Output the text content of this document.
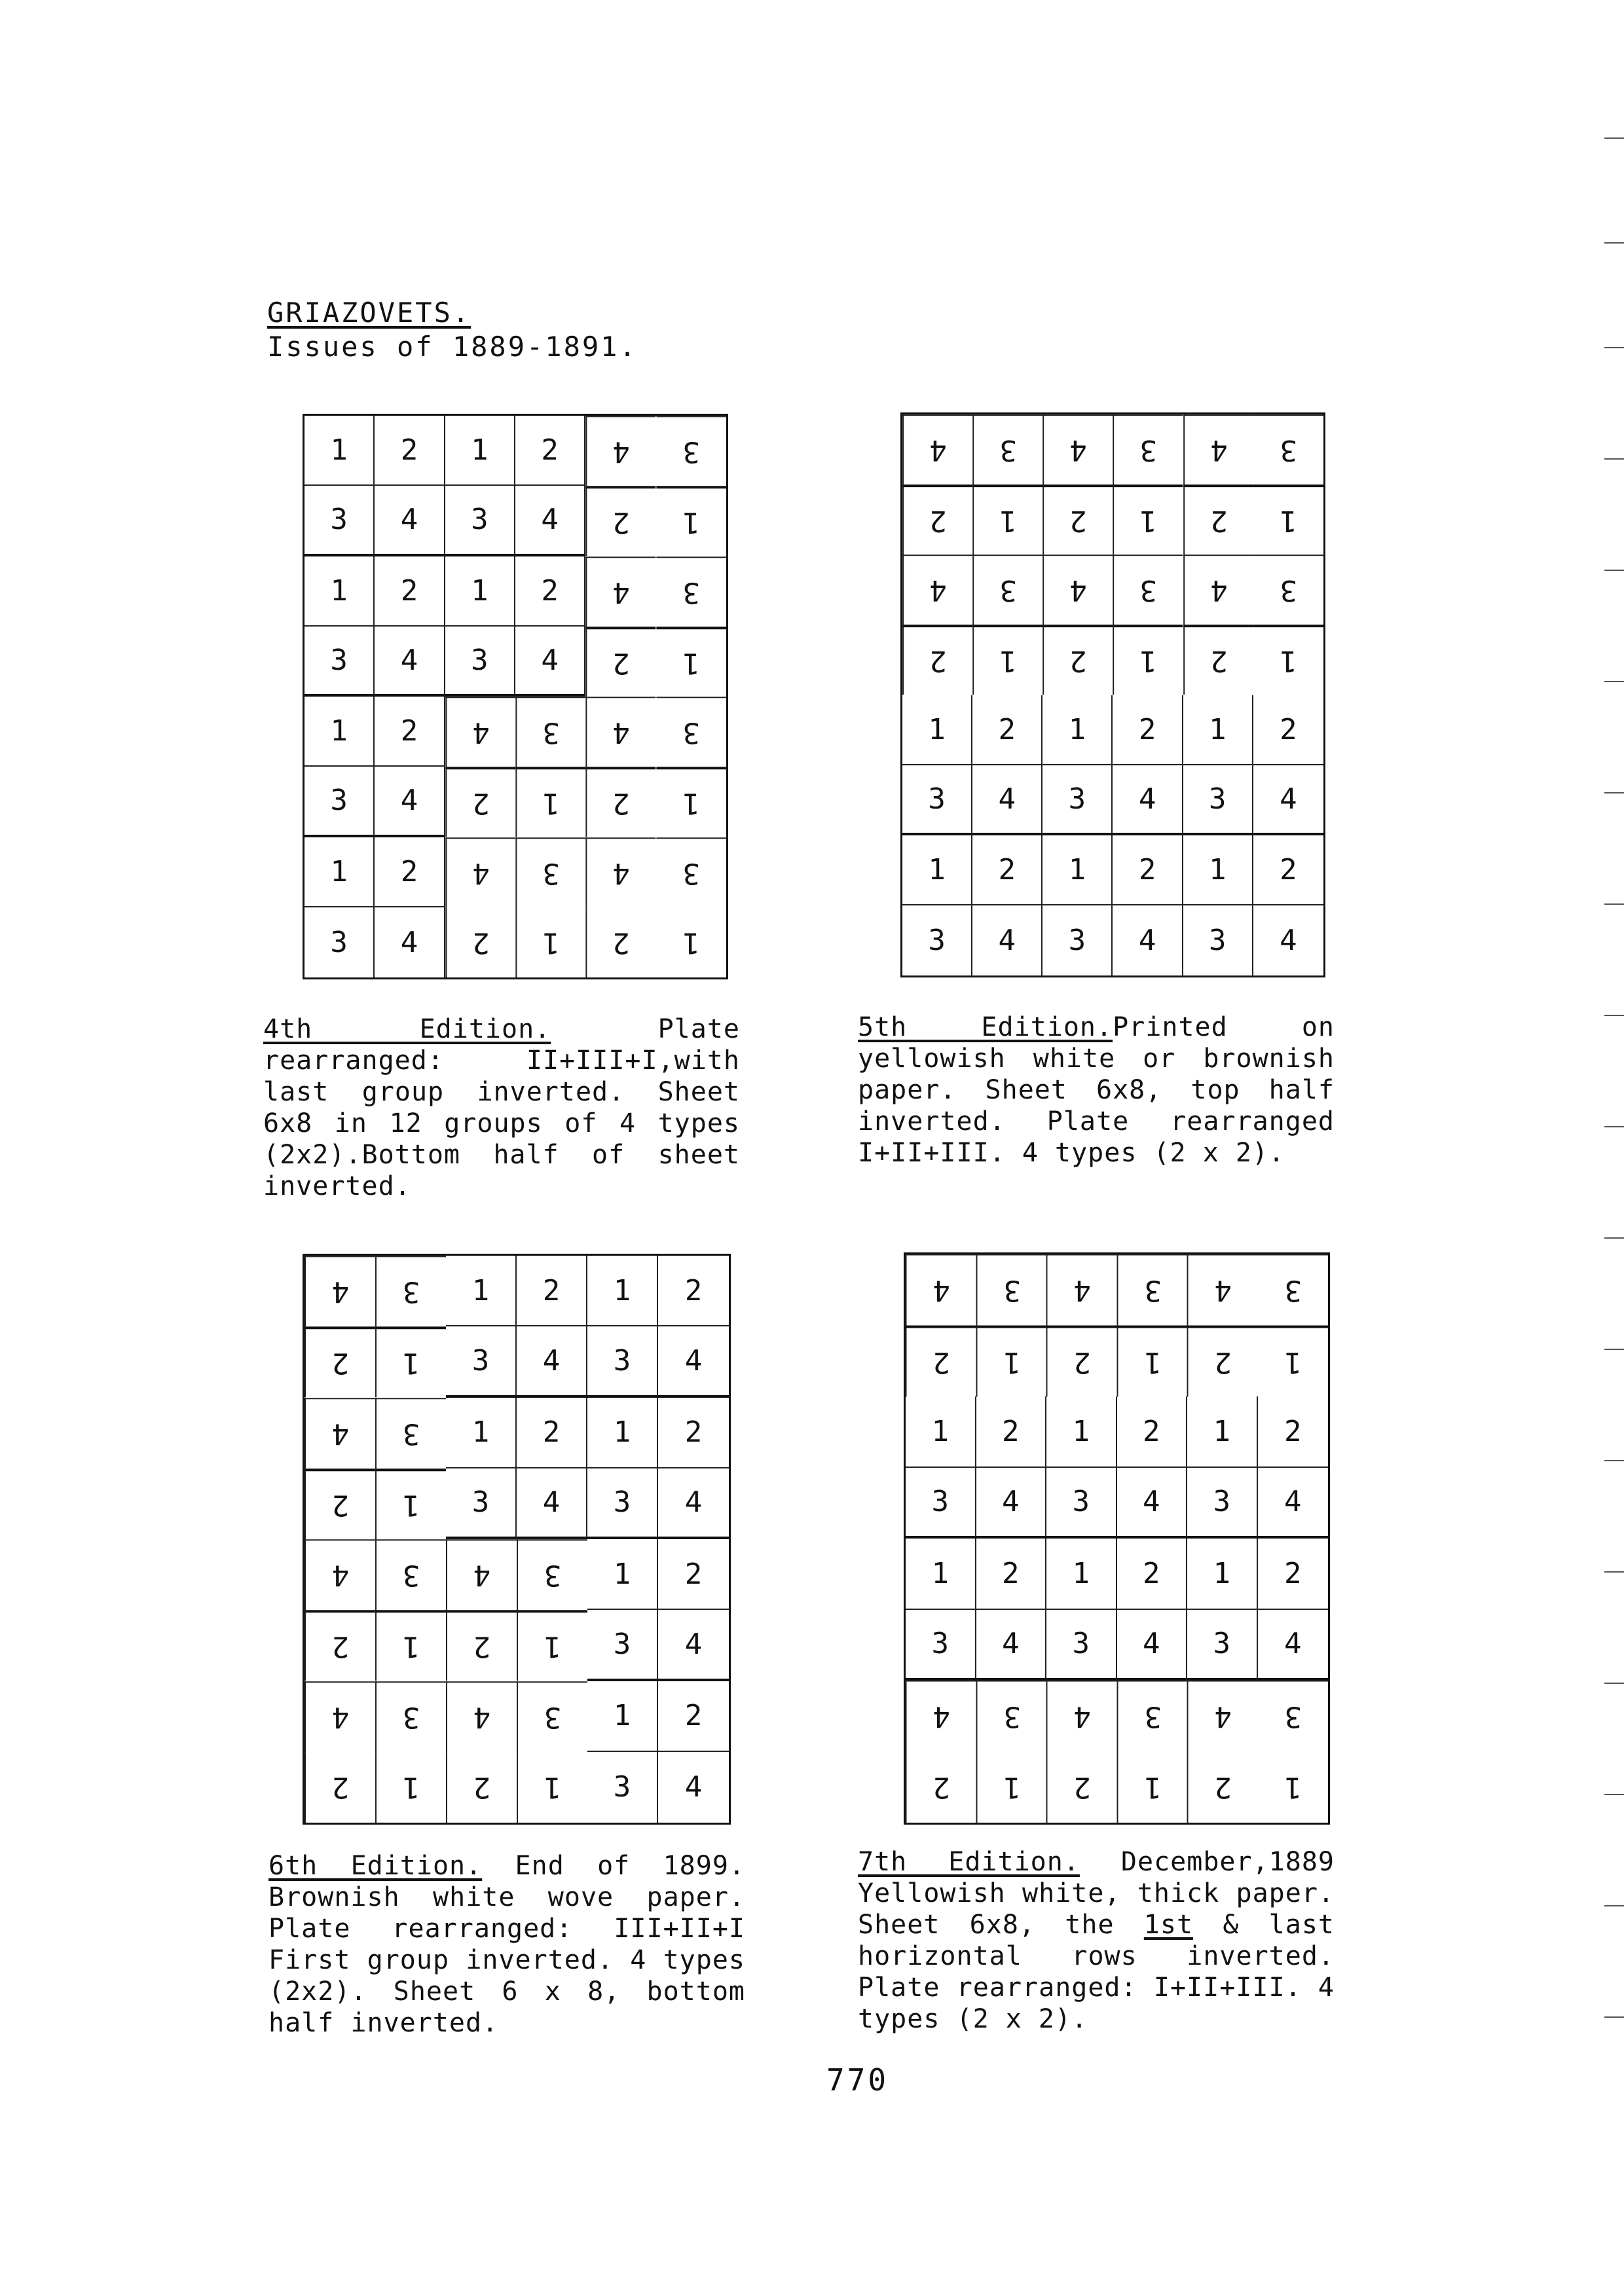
GRIAZOVETS.
Issues of 1889-1891.
1	2	1	2	4	3
3	4	3	4	2	1
1	2	1	2	4	3
3	4	3	4	2	1
1	2	4	3	4	3
3	4	2	1	2	1
1	2	4	3	4	3
3	4	2	1	2	1
4	3	4	3	4	3
2	1	2	1	2	1
4	3	4	3	4	3
2	1	2	1	2	1
1	2	1	2	1	2
3	4	3	4	3	4
1	2	1	2	1	2
3	4	3	4	3	4
4	3	1	2	1	2
2	1	3	4	3	4
4	3	1	2	1	2
2	1	3	4	3	4
4	3	4	3	1	2
2	1	2	1	3	4
4	3	4	3	1	2
2	1	2	1	3	4
4	3	4	3	4	3
2	1	2	1	2	1
1	2	1	2	1	2
3	4	3	4	3	4
1	2	1	2	1	2
3	4	3	4	3	4
4	3	4	3	4	3
2	1	2	1	2	1
4th Edition. Plate rearranged: II+III+I,with last group inverted. Sheet 6x8 in 12 groups of 4 types (2x2).Bottom half of sheet inverted.
5th Edition.Printed on yellowish white or brownish paper. Sheet 6x8, top half inverted. Plate rearranged I+II+III. 4 types (2 x 2).
6th Edition. End of 1899. Brownish white wove paper. Plate rearranged: III+II+I First group inverted. 4 types (2x2). Sheet 6 x 8, bottom half inverted.
7th Edition. December,1889 Yellowish white, thick paper. Sheet 6x8, the 1st & last horizontal rows inverted. Plate rearranged: I+II+III. 4 types (2 x 2).
770
